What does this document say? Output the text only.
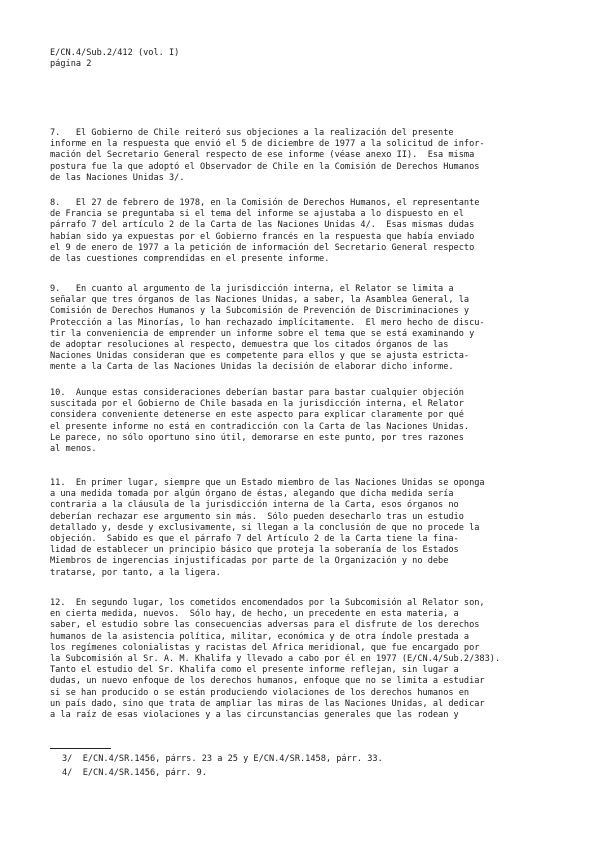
E/CN.4/Sub.2/412 (vol. I)
página 2
7.   El Gobierno de Chile reiteró sus objeciones a la realización del presente
informe en la respuesta que envió el 5 de diciembre de 1977 a la solicitud de infor-
mación del Secretario General respecto de ese informe (véase anexo II).  Esa misma
postura fue la que adoptó el Observador de Chile en la Comisión de Derechos Humanos
de las Naciones Unidas 3/.
8.   El 27 de febrero de 1978, en la Comisión de Derechos Humanos, el representante
de Francia se preguntaba si el tema del informe se ajustaba a lo dispuesto en el
párrafo 7 del artículo 2 de la Carta de las Naciones Unidas 4/.  Esas mismas dudas
habían sido ya expuestas por el Gobierno francés en la respuesta que había enviado
el 9 de enero de 1977 a la petición de información del Secretario General respecto
de las cuestiones comprendidas en el presente informe.
9.   En cuanto al argumento de la jurisdicción interna, el Relator se limita a
señalar que tres órganos de las Naciones Unidas, a saber, la Asamblea General, la
Comisión de Derechos Humanos y la Subcomisión de Prevención de Discriminaciones y
Protección a las Minorías, lo han rechazado implícitamente.  El mero hecho de discu-
tir la conveniencia de emprender un informe sobre el tema que se está examinando y
de adoptar resoluciones al respecto, demuestra que los citados órganos de las
Naciones Unidas consideran que es competente para ellos y que se ajusta estricta-
mente a la Carta de las Naciones Unidas la decisión de elaborar dicho informe.
10.  Aunque estas consideraciones deberían bastar para bastar cualquier objeción
suscitada por el Gobierno de Chile basada en la jurisdicción interna, el Relator
considera conveniente detenerse en este aspecto para explicar claramente por qué
el presente informe no está en contradicción con la Carta de las Naciones Unidas.
Le parece, no sólo oportuno sino útil, demorarse en este punto, por tres razones
al menos.
11.  En primer lugar, siempre que un Estado miembro de las Naciones Unidas se oponga
a una medida tomada por algún órgano de éstas, alegando que dicha medida sería
contraria a la cláusula de la jurisdicción interna de la Carta, esos órganos no
deberían rechazar ese argumento sin más.  Sólo pueden desecharlo tras un estudio
detallado y, desde y exclusivamente, si llegan a la conclusión de que no procede la
objeción.  Sabido es que el párrafo 7 del Artículo 2 de la Carta tiene la fina-
lidad de establecer un principio básico que proteja la soberanía de los Estados
Miembros de ingerencias injustificadas por parte de la Organización y no debe
tratarse, por tanto, a la ligera.
12.  En segundo lugar, los cometidos encomendados por la Subcomisión al Relator son,
en cierta medida, nuevos.  Sólo hay, de hecho, un precedente en esta materia, a
saber, el estudio sobre las consecuencias adversas para el disfrute de los derechos
humanos de la asistencia política, militar, económica y de otra índole prestada a
los regímenes colonialistas y racistas del Africa meridional, que fue encargado por
la Subcomisión al Sr. A. M. Khalifa y llevado a cabo por él en 1977 (E/CN.4/Sub.2/383).
Tanto el estudio del Sr. Khalifa como el presente informe reflejan, sin lugar a
dudas, un nuevo enfoque de los derechos humanos, enfoque que no se limita a estudiar
si se han producido o se están produciendo violaciones de los derechos humanos en
un país dado, sino que trata de ampliar las miras de las Naciones Unidas, al dedicar
a la raíz de esas violaciones y a las circunstancias generales que las rodean y
3/  E/CN.4/SR.1456, párrs. 23 a 25 y E/CN.4/SR.1458, párr. 33.
4/  E/CN.4/SR.1456, párr. 9.
